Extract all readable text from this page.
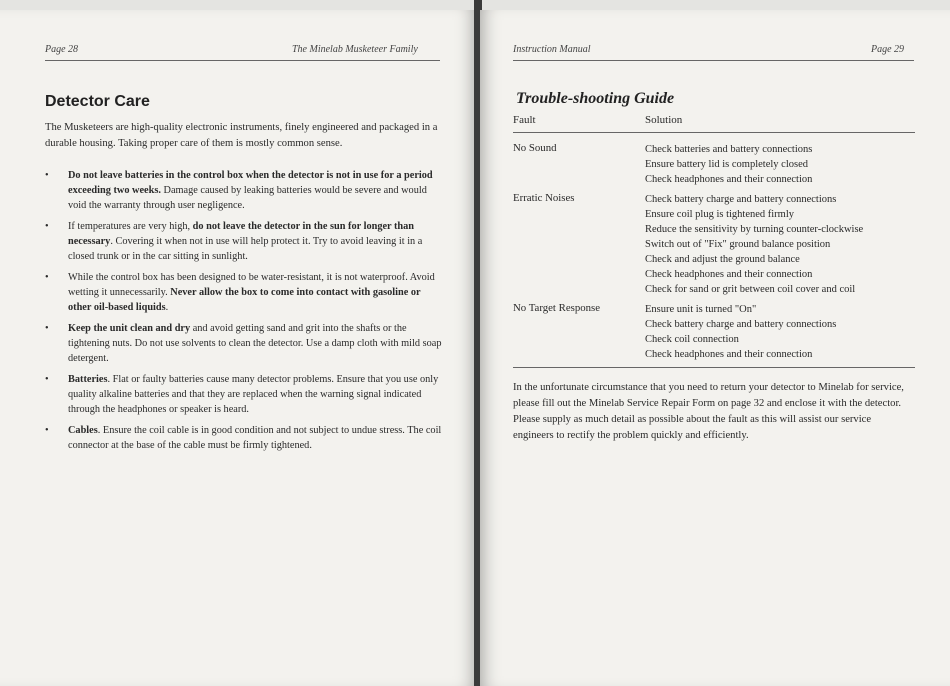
Page 28	The Minelab Musketeer Family
Detector Care

The Musketeers are high-quality electronic instruments, finely engineered and packaged in a durable housing. Taking proper care of them is mostly common sense.

• Do not leave batteries in the control box when the detector is not in use for a period exceeding two weeks. Damage caused by leaking batteries would be severe and would void the warranty through user negligence.
• If temperatures are very high, do not leave the detector in the sun for longer than necessary. Covering it when not in use will help protect it. Try to avoid leaving it in a closed trunk or in the car sitting in sunlight.
• While the control box has been designed to be water-resistant, it is not waterproof. Avoid wetting it unnecessarily. Never allow the box to come into contact with gasoline or other oil-based liquids.
• Keep the unit clean and dry and avoid getting sand and grit into the shafts or the tightening nuts. Do not use solvents to clean the detector. Use a damp cloth with mild soap detergent.
• Batteries. Flat or faulty batteries cause many detector problems. Ensure that you use only quality alkaline batteries and that they are replaced when the warning signal indicated through the headphones or speaker is heard.
• Cables. Ensure the coil cable is in good condition and not subject to undue stress. The coil connector at the base of the cable must be firmly tightened.
Instruction Manual	Page 29
Trouble-shooting Guide
Fault	Solution
No Sound	Check batteries and battery connections
Ensure battery lid is completely closed
Check headphones and their connection
Erratic Noises	Check battery charge and battery connections
Ensure coil plug is tightened firmly
Reduce the sensitivity by turning counter-clockwise
Switch out of "Fix" ground balance position
Check and adjust the ground balance
Check headphones and their connection
Check for sand or grit between coil cover and coil
No Target Response	Ensure unit is turned "On"
Check battery charge and battery connections
Check coil connection
Check headphones and their connection

In the unfortunate circumstance that you need to return your detector to Minelab for service, please fill out the Minelab Service Repair Form on page 32 and enclose it with the detector. Please supply as much detail as possible about the fault as this will assist our service engineers to rectify the problem quickly and efficiently.
